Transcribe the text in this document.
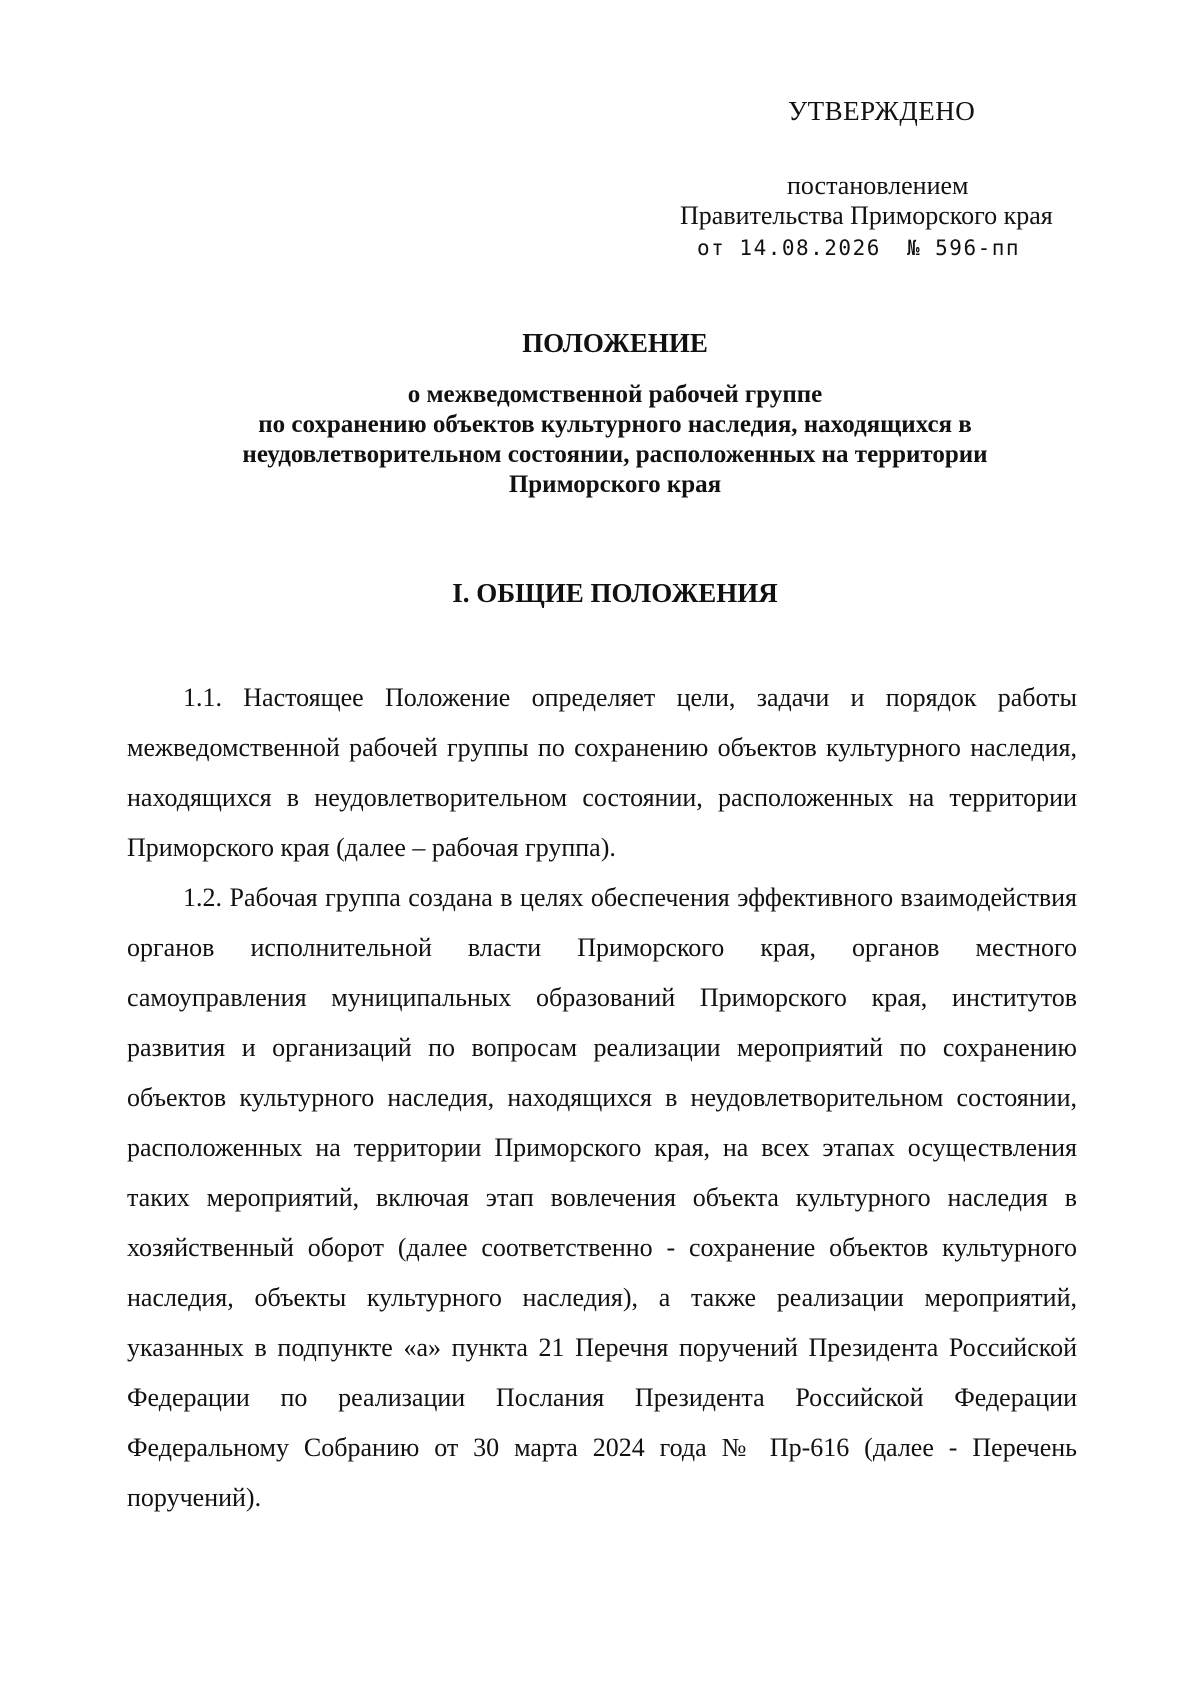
УТВЕРЖДЕНО
постановлением
Правительства Приморского края
от 14.08.2026 № 596-пп
ПОЛОЖЕНИЕ
о межведомственной рабочей группе
по сохранению объектов культурного наследия, находящихся в
неудовлетворительном состоянии, расположенных на территории
Приморского края
I. ОБЩИЕ ПОЛОЖЕНИЯ

1.1. Настоящее Положение определяет цели, задачи и порядок работы межведомственной рабочей группы по сохранению объектов культурного наследия, находящихся в неудовлетворительном состоянии, расположенных на территории Приморского края (далее – рабочая группа).

1.2. Рабочая группа создана в целях обеспечения эффективного взаимодействия органов исполнительной власти Приморского края, органов местного самоуправления муниципальных образований Приморского края, институтов развития и организаций по вопросам реализации мероприятий по сохранению объектов культурного наследия, находящихся в неудовлетворительном состоянии, расположенных на территории Приморского края, на всех этапах осуществления таких мероприятий, включая этап вовлечения объекта культурного наследия в хозяйственный оборот (далее соответственно - сохранение объектов культурного наследия, объекты культурного наследия), а также реализации мероприятий, указанных в подпункте «а» пункта 21 Перечня поручений Президента Российской Федерации по реализации Послания Президента Российской Федерации Федеральному Собранию от 30 марта 2024 года № Пр-616 (далее - Перечень поручений).
